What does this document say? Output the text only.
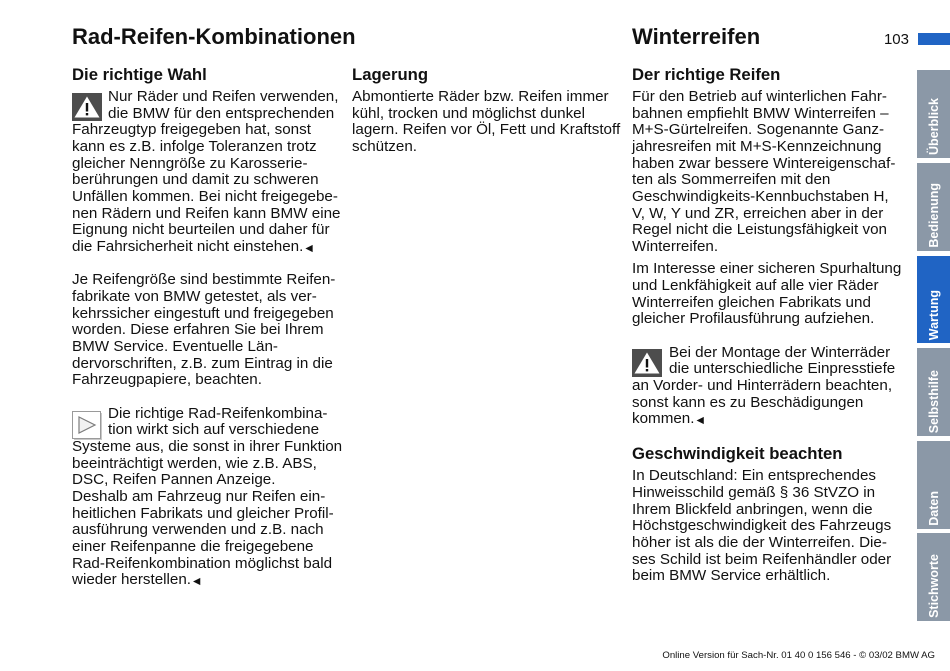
Rad-Reifen-Kombinationen	Winterreifen	103
Die richtige Wahl
Nur Räder und Reifen verwenden,
die BMW für den entsprechenden
Fahrzeugtyp freigegeben hat, sonst
kann es z.B. infolge Toleranzen trotz
gleicher Nenngröße zu Karosserie-
berührungen und damit zu schweren
Unfällen kommen. Bei nicht freigegebe-
nen Rädern und Reifen kann BMW eine
Eignung nicht beurteilen und daher für
die Fahrsicherheit nicht einstehen. ◀

Je Reifengröße sind bestimmte Reifen-
fabrikate von BMW getestet, als ver-
kehrssicher eingestuft und freigegeben
worden. Diese erfahren Sie bei Ihrem
BMW Service. Eventuelle Län-
dervorschriften, z.B. zum Eintrag in die
Fahrzeugpapiere, beachten.

Die richtige Rad-Reifenkombina-
tion wirkt sich auf verschiedene
Systeme aus, die sonst in ihrer Funktion
beeinträchtigt werden, wie z.B. ABS,
DSC, Reifen Pannen Anzeige.
Deshalb am Fahrzeug nur Reifen ein-
heitlichen Fabrikats und gleicher Profil-
ausführung verwenden und z.B. nach
einer Reifenpanne die freigegebene
Rad-Reifenkombination möglichst bald
wieder herstellen. ◀
Lagerung

Abmontierte Räder bzw. Reifen immer
kühl, trocken und möglichst dunkel
lagern. Reifen vor Öl, Fett und Kraftstoff
schützen.

Der richtige Reifen

Für den Betrieb auf winterlichen Fahr-
bahnen empfiehlt BMW Winterreifen –
M+S-Gürtelreifen. Sogenannte Ganz-
jahresreifen mit M+S-Kennzeichnung
haben zwar bessere Wintereigenschaf-
ten als Sommerreifen mit den
Geschwindigkeits-Kennbuchstaben H,
V, W, Y und ZR, erreichen aber in der
Regel nicht die Leistungsfähigkeit von
Winterreifen.

Im Interesse einer sicheren Spurhaltung
und Lenkfähigkeit auf alle vier Räder
Winterreifen gleichen Fabrikats und
gleicher Profilausführung aufziehen.

Bei der Montage der Winterräder
die unterschiedliche Einpresstiefe
an Vorder- und Hinterrädern beachten,
sonst kann es zu Beschädigungen
kommen. ◀
Geschwindigkeit beachten

In Deutschland: Ein entsprechendes
Hinweisschild gemäß § 36 StVZO in
Ihrem Blickfeld anbringen, wenn die
Höchstgeschwindigkeit des Fahrzeugs
höher ist als die der Winterreifen. Die-
ses Schild ist beim Reifenhändler oder
beim BMW Service erhältlich.

Überblick
Bedienung
Wartung
Selbsthilfe
Daten
Stichworte
Online Version für Sach-Nr. 01 40 0 156 546 - © 03/02 BMW AG
